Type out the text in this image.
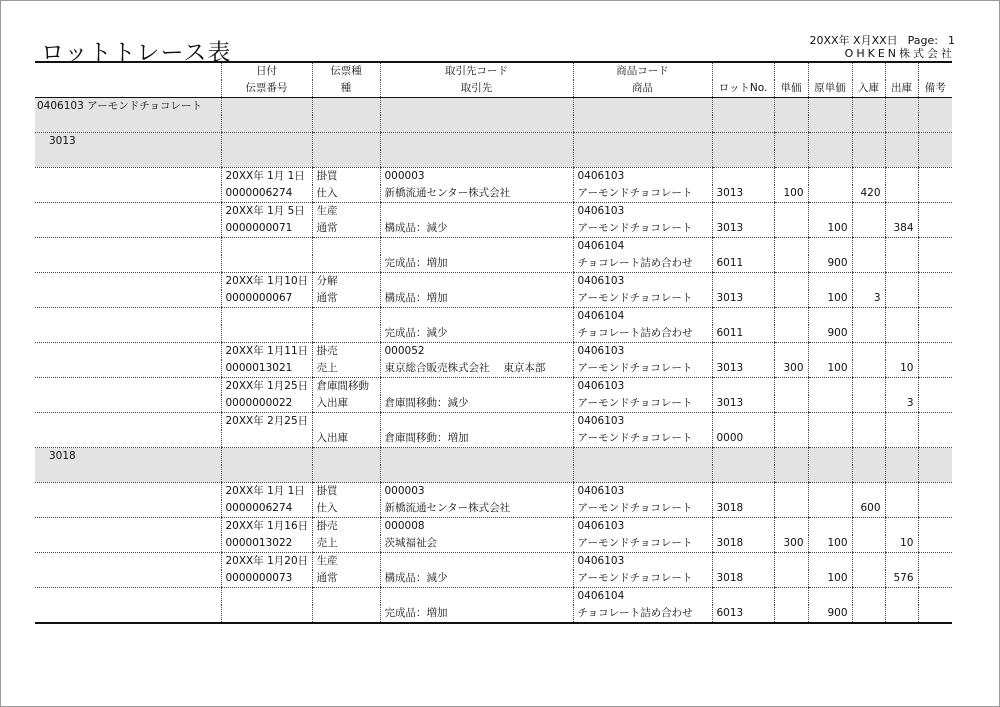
ロットトレース表	20XX年 X月XX日 Page: 1
OHKEN株式会社
	日付	伝票種	取引先コード	商品コード						
	伝票番号	種	取引先	商品	ロットNo.	単価	原単価	入庫	出庫	備考
0406103 アーモンドチョコレート										

3013										

	20XX年 1月 1日	掛買	000003	0406103						
	0000006274	仕入	新橋流通センター株式会社	アーモンドチョコレート	3013	100		420		
	20XX年 1月 5日	生産		0406103						
	0000000071	通常	構成品：減少	アーモンドチョコレート	3013		100		384	
				0406104						
			完成品：増加	チョコレート詰め合わせ	6011		900			
	20XX年 1月10日	分解		0406103						
	0000000067	通常	構成品：増加	アーモンドチョコレート	3013		100	3		
				0406104						
			完成品：減少	チョコレート詰め合わせ	6011		900			
	20XX年 1月11日	掛売	000052	0406103						
	0000013021	売上	東京総合販売株式会社　 東京本部	アーモンドチョコレート	3013	300	100		10	
	20XX年 1月25日	倉庫間移動		0406103						
	0000000022	入出庫	倉庫間移動：減少	アーモンドチョコレート	3013				3	
	20XX年 2月25日			0406103						
		入出庫	倉庫間移動：増加	アーモンドチョコレート	0000					
3018										

	20XX年 1月 1日	掛買	000003	0406103						
	0000006274	仕入	新橋流通センター株式会社	アーモンドチョコレート	3018			600		
	20XX年 1月16日	掛売	000008	0406103						
	0000013022	売上	茨城福祉会	アーモンドチョコレート	3018	300	100		10	
	20XX年 1月20日	生産		0406103						
	0000000073	通常	構成品：減少	アーモンドチョコレート	3018		100		576	
				0406104						
			完成品：増加	チョコレート詰め合わせ	6013		900			
